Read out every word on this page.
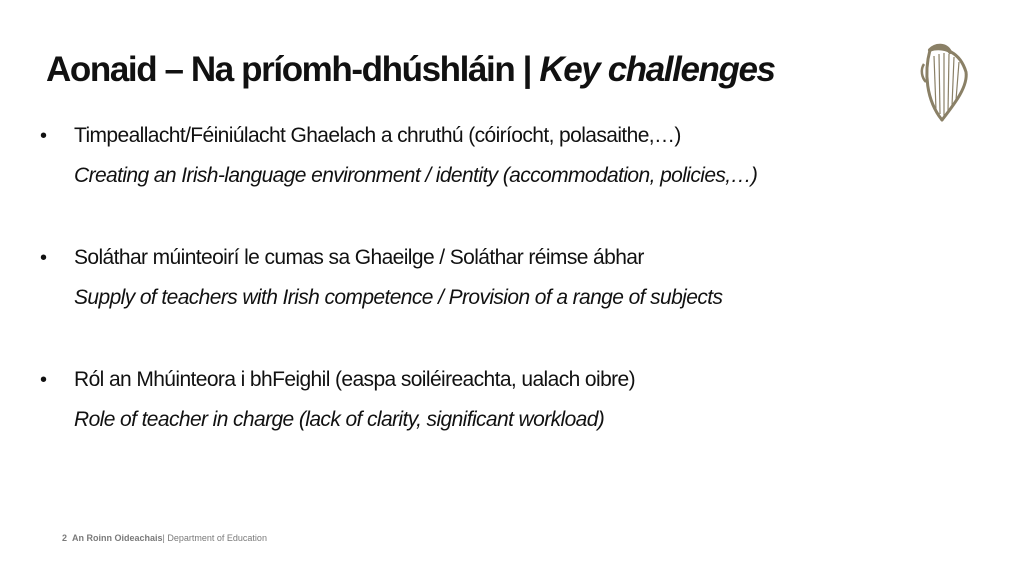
Aonaid – Na príomh-dhúshláin | Key challenges
• Timpeallacht/Féiniúlacht Ghaelach a chruthú (cóiríocht, polasaithe,…)
Creating an Irish-language environment / identity (accommodation, policies,…)
• Soláthar múinteoirí le cumas sa Ghaeilge / Soláthar réimse ábhar
Supply of teachers with Irish competence / Provision of a range of subjects
• Ról an Mhúinteora i bhFeighil (easpa soiléireachta, ualach oibre)
Role of teacher in charge (lack of clarity, significant workload)
2 An Roinn Oideachais| Department of Education
